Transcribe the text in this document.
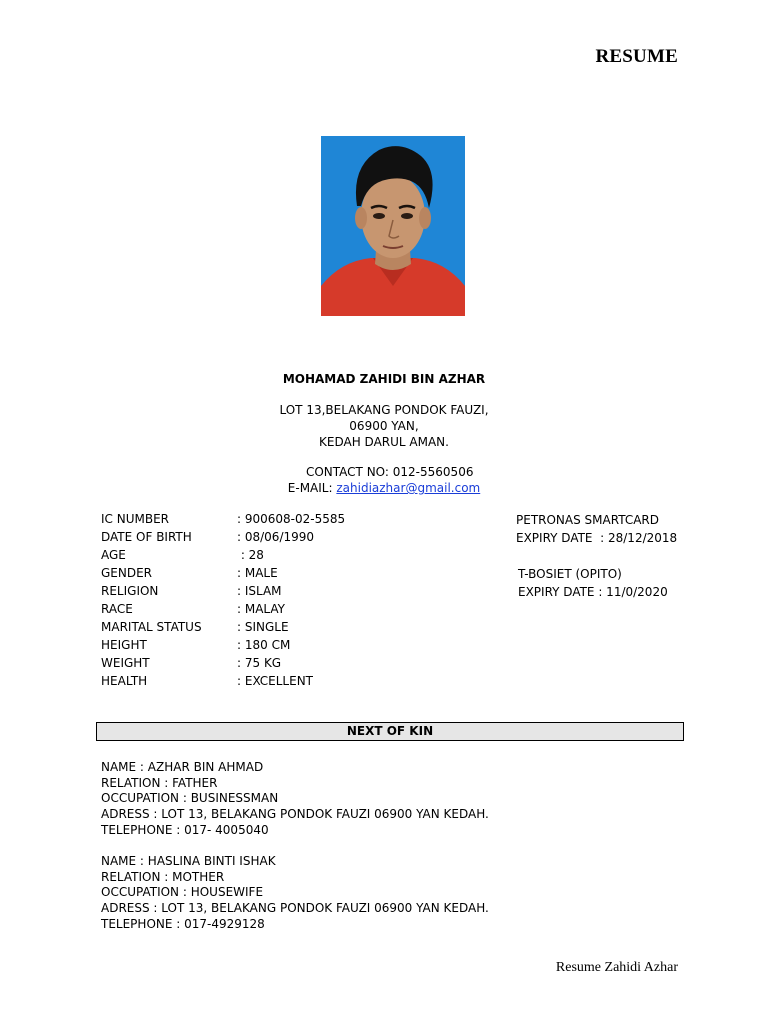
RESUME
MOHAMAD ZAHIDI BIN AZHAR
LOT 13,BELAKANG PONDOK FAUZI,
06900 YAN,
KEDAH DARUL AMAN.
CONTACT NO: 012-5560506
E-MAIL: zahidiazhar@gmail.com
IC NUMBER	: 900608-02-5585
DATE OF BIRTH	: 08/06/1990
AGE	: 28
GENDER	: MALE
RELIGION	: ISLAM
RACE	: MALAY
MARITAL STATUS	: SINGLE
HEIGHT	: 180 CM
WEIGHT	: 75 KG
HEALTH	: EXCELLENT
PETRONAS SMARTCARD
EXPIRY DATE  : 28/12/2018
T-BOSIET (OPITO)
EXPIRY DATE : 11/0/2020
NEXT OF KIN
NAME : AZHAR BIN AHMAD
RELATION : FATHER
OCCUPATION : BUSINESSMAN
ADRESS : LOT 13, BELAKANG PONDOK FAUZI 06900 YAN KEDAH.
TELEPHONE : 017- 4005040
NAME : HASLINA BINTI ISHAK
RELATION : MOTHER
OCCUPATION : HOUSEWIFE
ADRESS : LOT 13, BELAKANG PONDOK FAUZI 06900 YAN KEDAH.
TELEPHONE : 017-4929128
Resume Zahidi Azhar
